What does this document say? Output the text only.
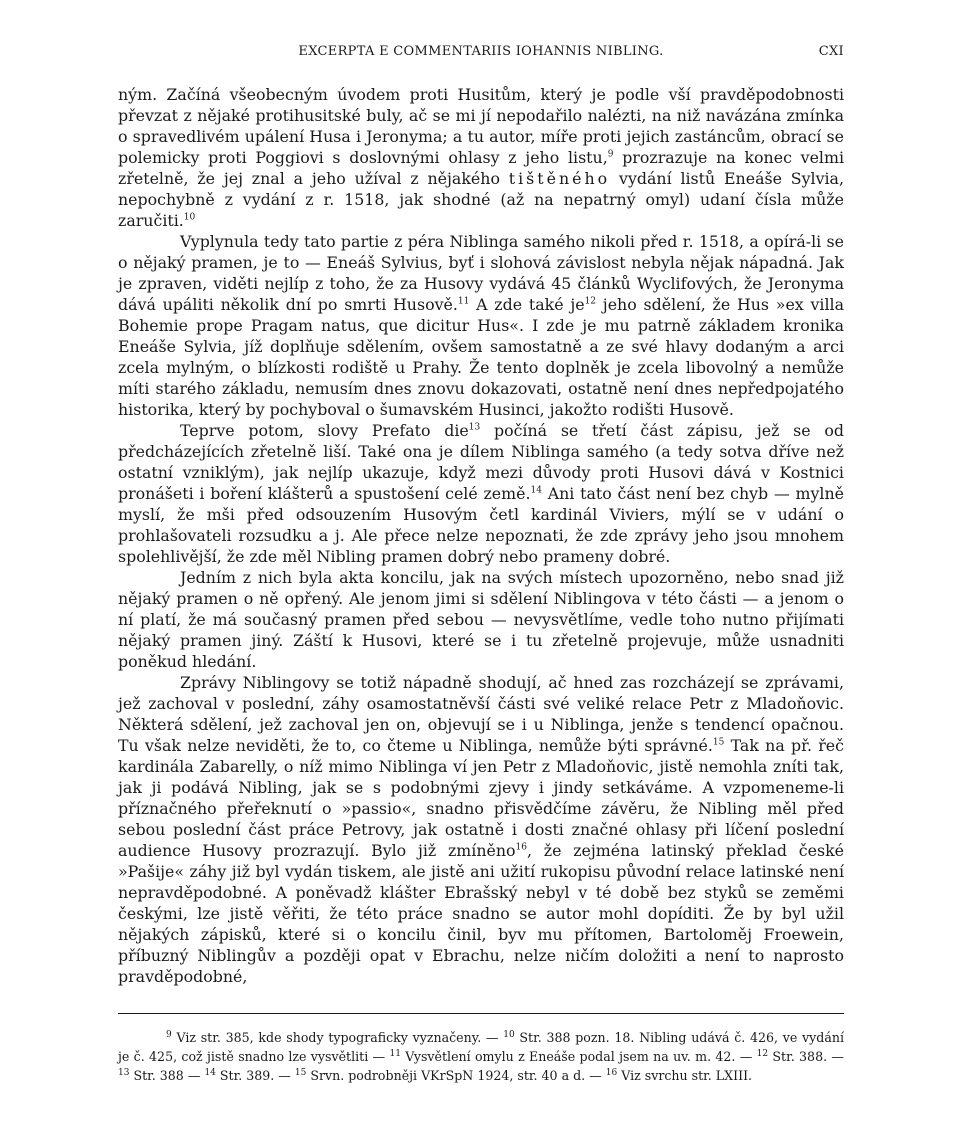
EXCERPTA E COMMENTARIIS IOHANNIS NIBLING.	CXI

ným. Začíná všeobecným úvodem proti Husitům, který je podle vší pravděpodobnosti převzat z nějaké protihusitské buly, ač se mi jí nepodařilo nalézti, na niž navázána zmínka o spravedlivém upálení Husa i Jeronyma; a tu autor, míře proti jejich zastáncům, obrací se polemicky proti Poggiovi s doslovnými ohlasy z jeho listu,$^9$ prozrazuje na konec velmi zřetelně, že jej znal a jeho užíval z nějakého tištěného vydání listů Eneáše Sylvia, nepochybně z vydání z r. 1518, jak shodné (až na nepatrný omyl) udaní čísla může zaručiti.$^{10}$

Vyplynula tedy tato partie z péra Niblinga samého nikoli před r. 1518, a opírá-li se o nějaký pramen, je to — Eneáš Sylvius, byť i slohová závislost nebyla nějak nápadná. Jak je zpraven, viděti nejlíp z toho, že za Husovy vydává 45 článků Wyclifových, že Jeronyma dává upáliti několik dní po smrti Husově.$^{11}$ A zde také $je^{12}$ jeho sdělení, že Hus »ex villa Bohemie prope Pragam natus, que dicitur Hus«. I zde je mu patrně základem kronika Eneáše Sylvia, jíž doplňuje sdělením, ovšem samostatně a ze své hlavy dodaným a arci zcela mylným, o blízkosti rodiště u Prahy. Že tento doplněk je zcela libovolný a nemůže míti starého základu, nemusím dnes znovu dokazovati, ostatně není dnes nepředpojatého historika, který by pochyboval o šumavském Husinci, jakožto rodišti Husově.

Teprve potom, slovy Prefato die$^{13}$ počíná se třetí část zápisu, jež se od předcházejících zřetelně liší. Také ona je dílem Niblinga samého (a tedy sotva dříve než ostatní vzniklým), jak nejlíp ukazuje, když mezi důvody proti Husovi dává v Kostnici pronášeti i boření klášterů a spustošení celé země.$^{14}$ Ani tato část není bez chyb — mylně myslí, že mši před odsouzením Husovým četl kardinál Viviers, mýlí se v udání o prohlašovateli rozsudku a j. Ale přece nelze nepoznati, že zde zprávy jeho jsou mnohem spolehlivější, že zde měl Nibling pramen dobrý nebo prameny dobré.

Jedním z nich byla akta koncilu, jak na svých místech upozorněno, nebo snad již nějaký pramen o ně opřený. Ale jenom jimi si sdělení Niblingova v této části — a jenom o ní platí, že má současný pramen před sebou — nevysvětlíme, vedle toho nutno přijímati nějaký pramen jiný. Záští k Husovi, které se i tu zřetelně projevuje, může usnadniti poněkud hledání.

Zprávy Niblingovy se totiž nápadně shodují, ač hned zas rozcházejí se zprávami, jež zachoval v poslední, záhy osamostatněvší části své veliké relace Petr z Mladoňovic. Některá sdělení, jež zachoval jen on, objevují se i u Niblinga, jenže s tendencí opačnou. Tu však nelze neviděti, že to, co čteme u Niblinga, nemůže býti správné.$^{15}$ Tak na př. řeč kardinála Zabarelly, o níž mimo Niblinga ví jen Petr z Mladoňovic, jistě nemohla zníti tak, jak ji podává Nibling, jak se s podobnými zjevy i jindy setkáváme. A vzpomeneme-li příznačného přeřeknutí o »passio«, snadno přisvědčíme závěru, že Nibling měl před sebou poslední část práce Petrovy, jak ostatně i dosti značné ohlasy při líčení poslední audience Husovy prozrazují. Bylo již zmíněno$^{16}$, že zejména latinský překlad české »Pašije« záhy již byl vydán tiskem, ale jistě ani užití rukopisu původní relace latinské není nepravděpodobné. A poněvadž klášter Ebrašský nebyl v té době bez styků se zeměmi českými, lze jistě věřiti, že této práce snadno se autor mohl dopíditi. Že by byl užil nějakých zápisků, které si o koncilu činil, byv mu přítomen, Bartoloměj Froewein, příbuzný Niblingův a později opat v Ebrachu, nelze ničím doložiti a není to naprosto pravděpodobné,

$^9$ Viz str. 385, kde shody typograficky vyznačeny. — $^{10}$ Str. 388 pozn. 18. Nibling udává č. 426, ve vydání je č. 425, což jistě snadno lze vysvětliti — $^{11}$ Vysvětlení omylu z Eneáše podal jsem na uv. m. 42. — $^{12}$ Str. 388. — $^{13}$ Str. 388 — $^{14}$ Str. 389. — $^{15}$ Srvn. podrobněji VKrSpN 1924, str. 40 a d. — $^{16}$ Viz svrchu str. LXIII.
